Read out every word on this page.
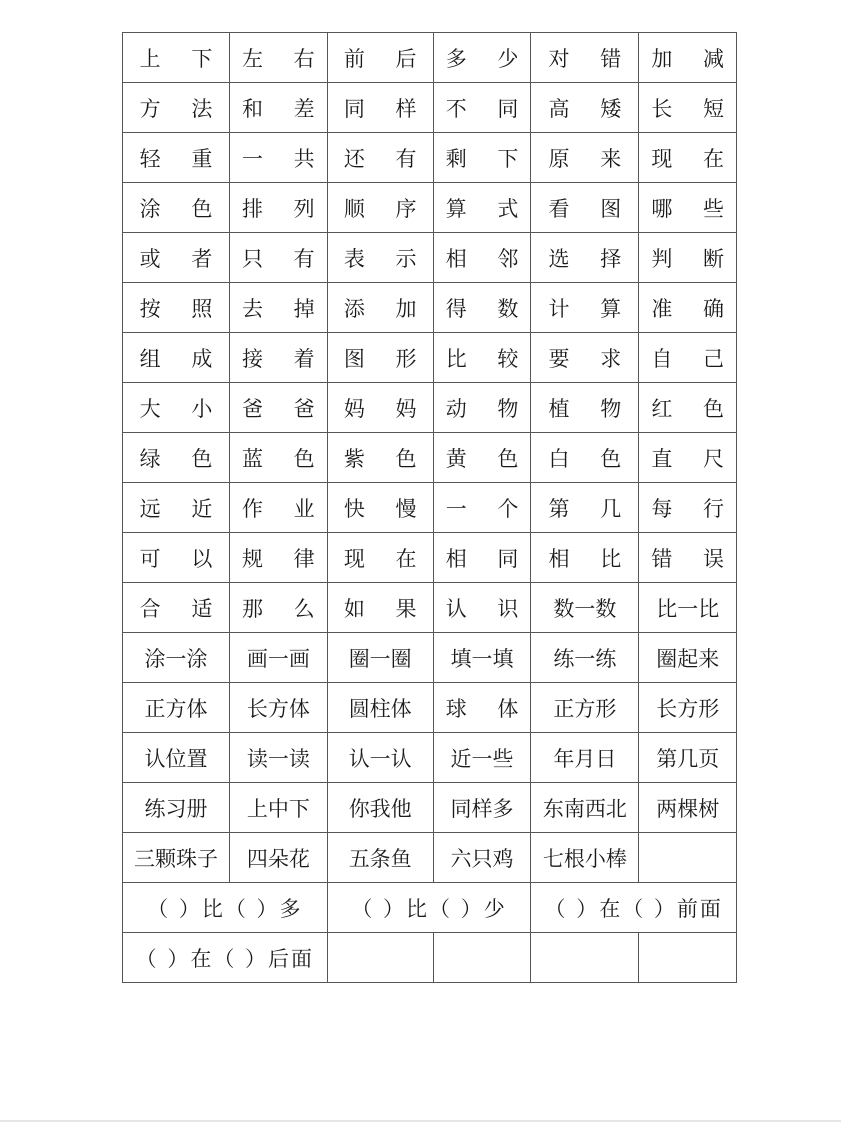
上 下	左 右	前 后	多 少	对 错	加 减
方 法	和 差	同 样	不 同	高 矮	长 短
轻 重	一 共	还 有	剩 下	原 来	现 在
涂 色	排 列	顺 序	算 式	看 图	哪 些
或 者	只 有	表 示	相 邻	选 择	判 断
按 照	去 掉	添 加	得 数	计 算	准 确
组 成	接 着	图 形	比 较	要 求	自 己
大 小	爸 爸	妈 妈	动 物	植 物	红 色
绿 色	蓝 色	紫 色	黄 色	白 色	直 尺
远 近	作 业	快 慢	一 个	第 几	每 行
可 以	规 律	现 在	相 同	相 比	错 误
合 适	那 么	如 果	认 识	数一数	比一比
涂一涂	画一画	圈一圈	填一填	练一练	圈起来
正方体	长方体	圆柱体	球 体	正方形	长方形
认位置	读一读	认一认	近一些	年月日	第几页
练习册	上中下	你我他	同样多	东南西北	两棵树
三颗珠子	四朵花	五条鱼	六只鸡	七根小棒	
（ ）比（ ）多		（ ）比（ ）少		（ ）在（ ）前面	
（ ）在（ ）后面					
